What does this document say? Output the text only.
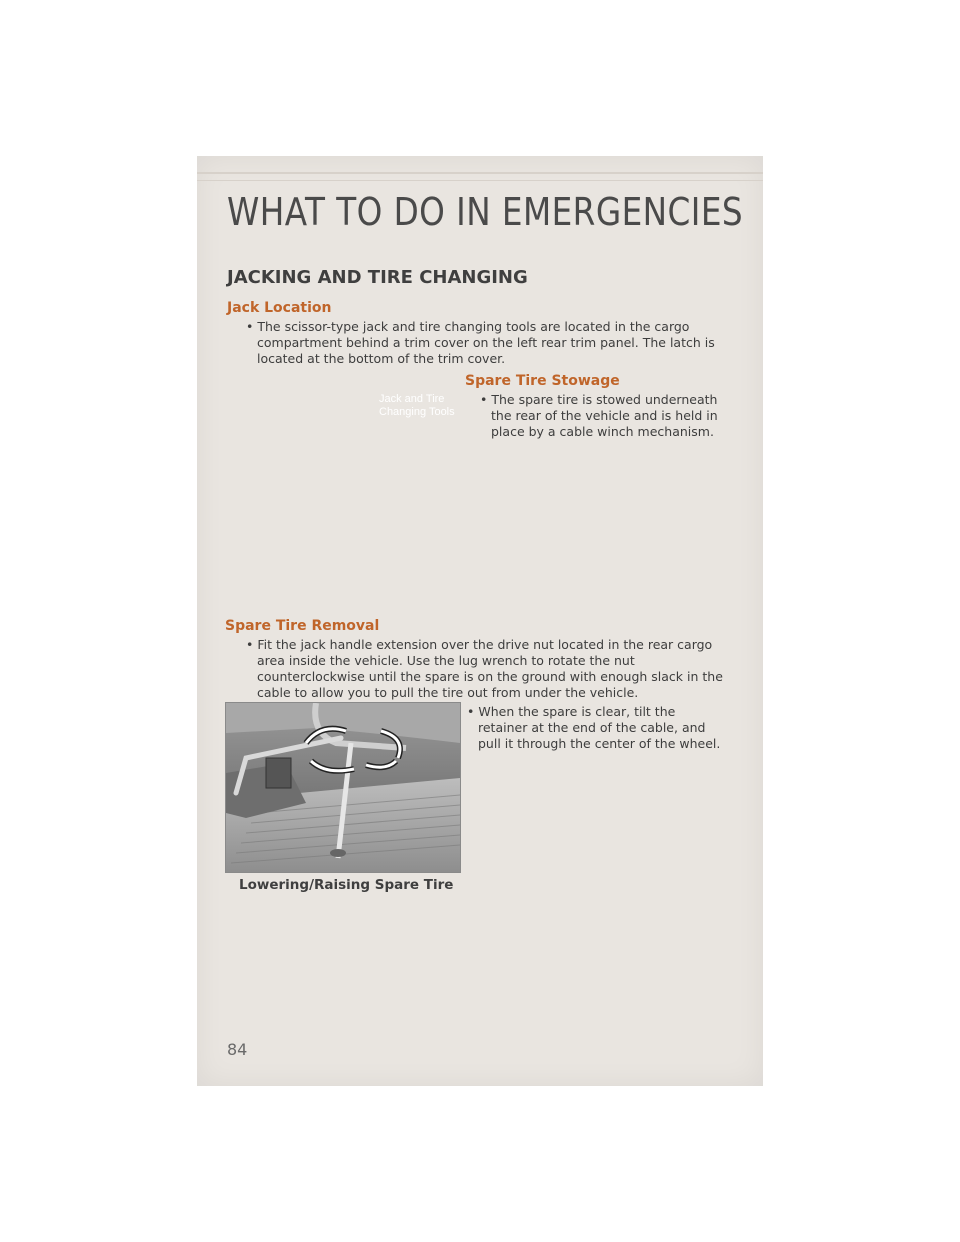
WHAT TO DO IN EMERGENCIES
JACKING AND TIRE CHANGING
Jack Location
• The scissor-type jack and tire changing tools are located in the cargo compartment behind a trim cover on the left rear trim panel. The latch is located at the bottom of the trim cover.
Jack and Tire Changing Tools
Spare Tire Stowage
• The spare tire is stowed underneath the rear of the vehicle and is held in place by a cable winch mechanism.
Spare Tire Removal
• Fit the jack handle extension over the drive nut located in the rear cargo area inside the vehicle. Use the lug wrench to rotate the nut counterclockwise until the spare is on the ground with enough slack in the cable to allow you to pull the tire out from under the vehicle.
• When the spare is clear, tilt the retainer at the end of the cable, and pull it through the center of the wheel.
Lowering/Raising Spare Tire
84
